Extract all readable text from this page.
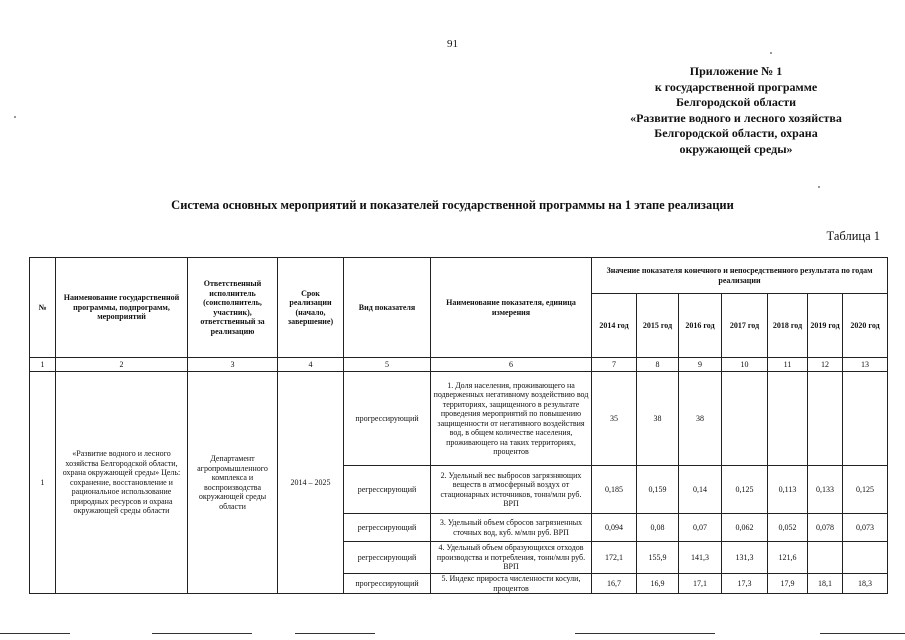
91
Приложение № 1
к государственной программе
Белгородской области
«Развитие водного и лесного хозяйства
Белгородской области, охрана
окружающей среды»
Система основных мероприятий и показателей государственной программы на 1 этапе реализации
Таблица 1
№	Наименование государственной программы, подпрограмм, мероприятий	Ответственный исполнитель (соисполнитель, участник), ответственный за реализацию	Срок реализации (начало, завершение)	Вид показателя	Наименование показателя, единица измерения	Значение показателя конечного и непосредственного результата по годам реализации						
						2014 год	2015 год	2016 год	2017 год	2018 год	2019 год	2020 год
1	2	3	4	5	6	7	8	9	10	11	12	13
1	«Развитие водного и лесного хозяйства Белгородской области, охрана окружающей среды» Цель: сохранение, восстановление и рациональное использование природных ресурсов и охрана окружающей среды области	Департамент агропромышленного комплекса и воспроизводства окружающей среды области	2014 – 2025	прогрессирующий	1. Доля населения, проживающего на подверженных негативному воздействию вод территориях, защищенного в результате проведения мероприятий по повышению защищенности от негативного воздействия вод, в общем количестве населения, проживающего на таких территориях, процентов	35	38	38				
				регрессирующий	2. Удельный вес выбросов загрязняющих веществ в атмосферный воздух от стационарных источников, тонн/млн руб. ВРП	0,185	0,159	0,14	0,125	0,113	0,133	0,125
				регрессирующий	3. Удельный объем сбросов загрязненных сточных вод, куб. м/млн руб. ВРП	0,094	0,08	0,07	0,062	0,052	0,078	0,073
				регрессирующий	4. Удельный объем образующихся отходов производства и потребления, тонн/млн руб. ВРП	172,1	155,9	141,3	131,3	121,6		
				прогрессирующий	5. Индекс прироста численности косули, процентов	16,7	16,9	17,1	17,3	17,9	18,1	18,3
